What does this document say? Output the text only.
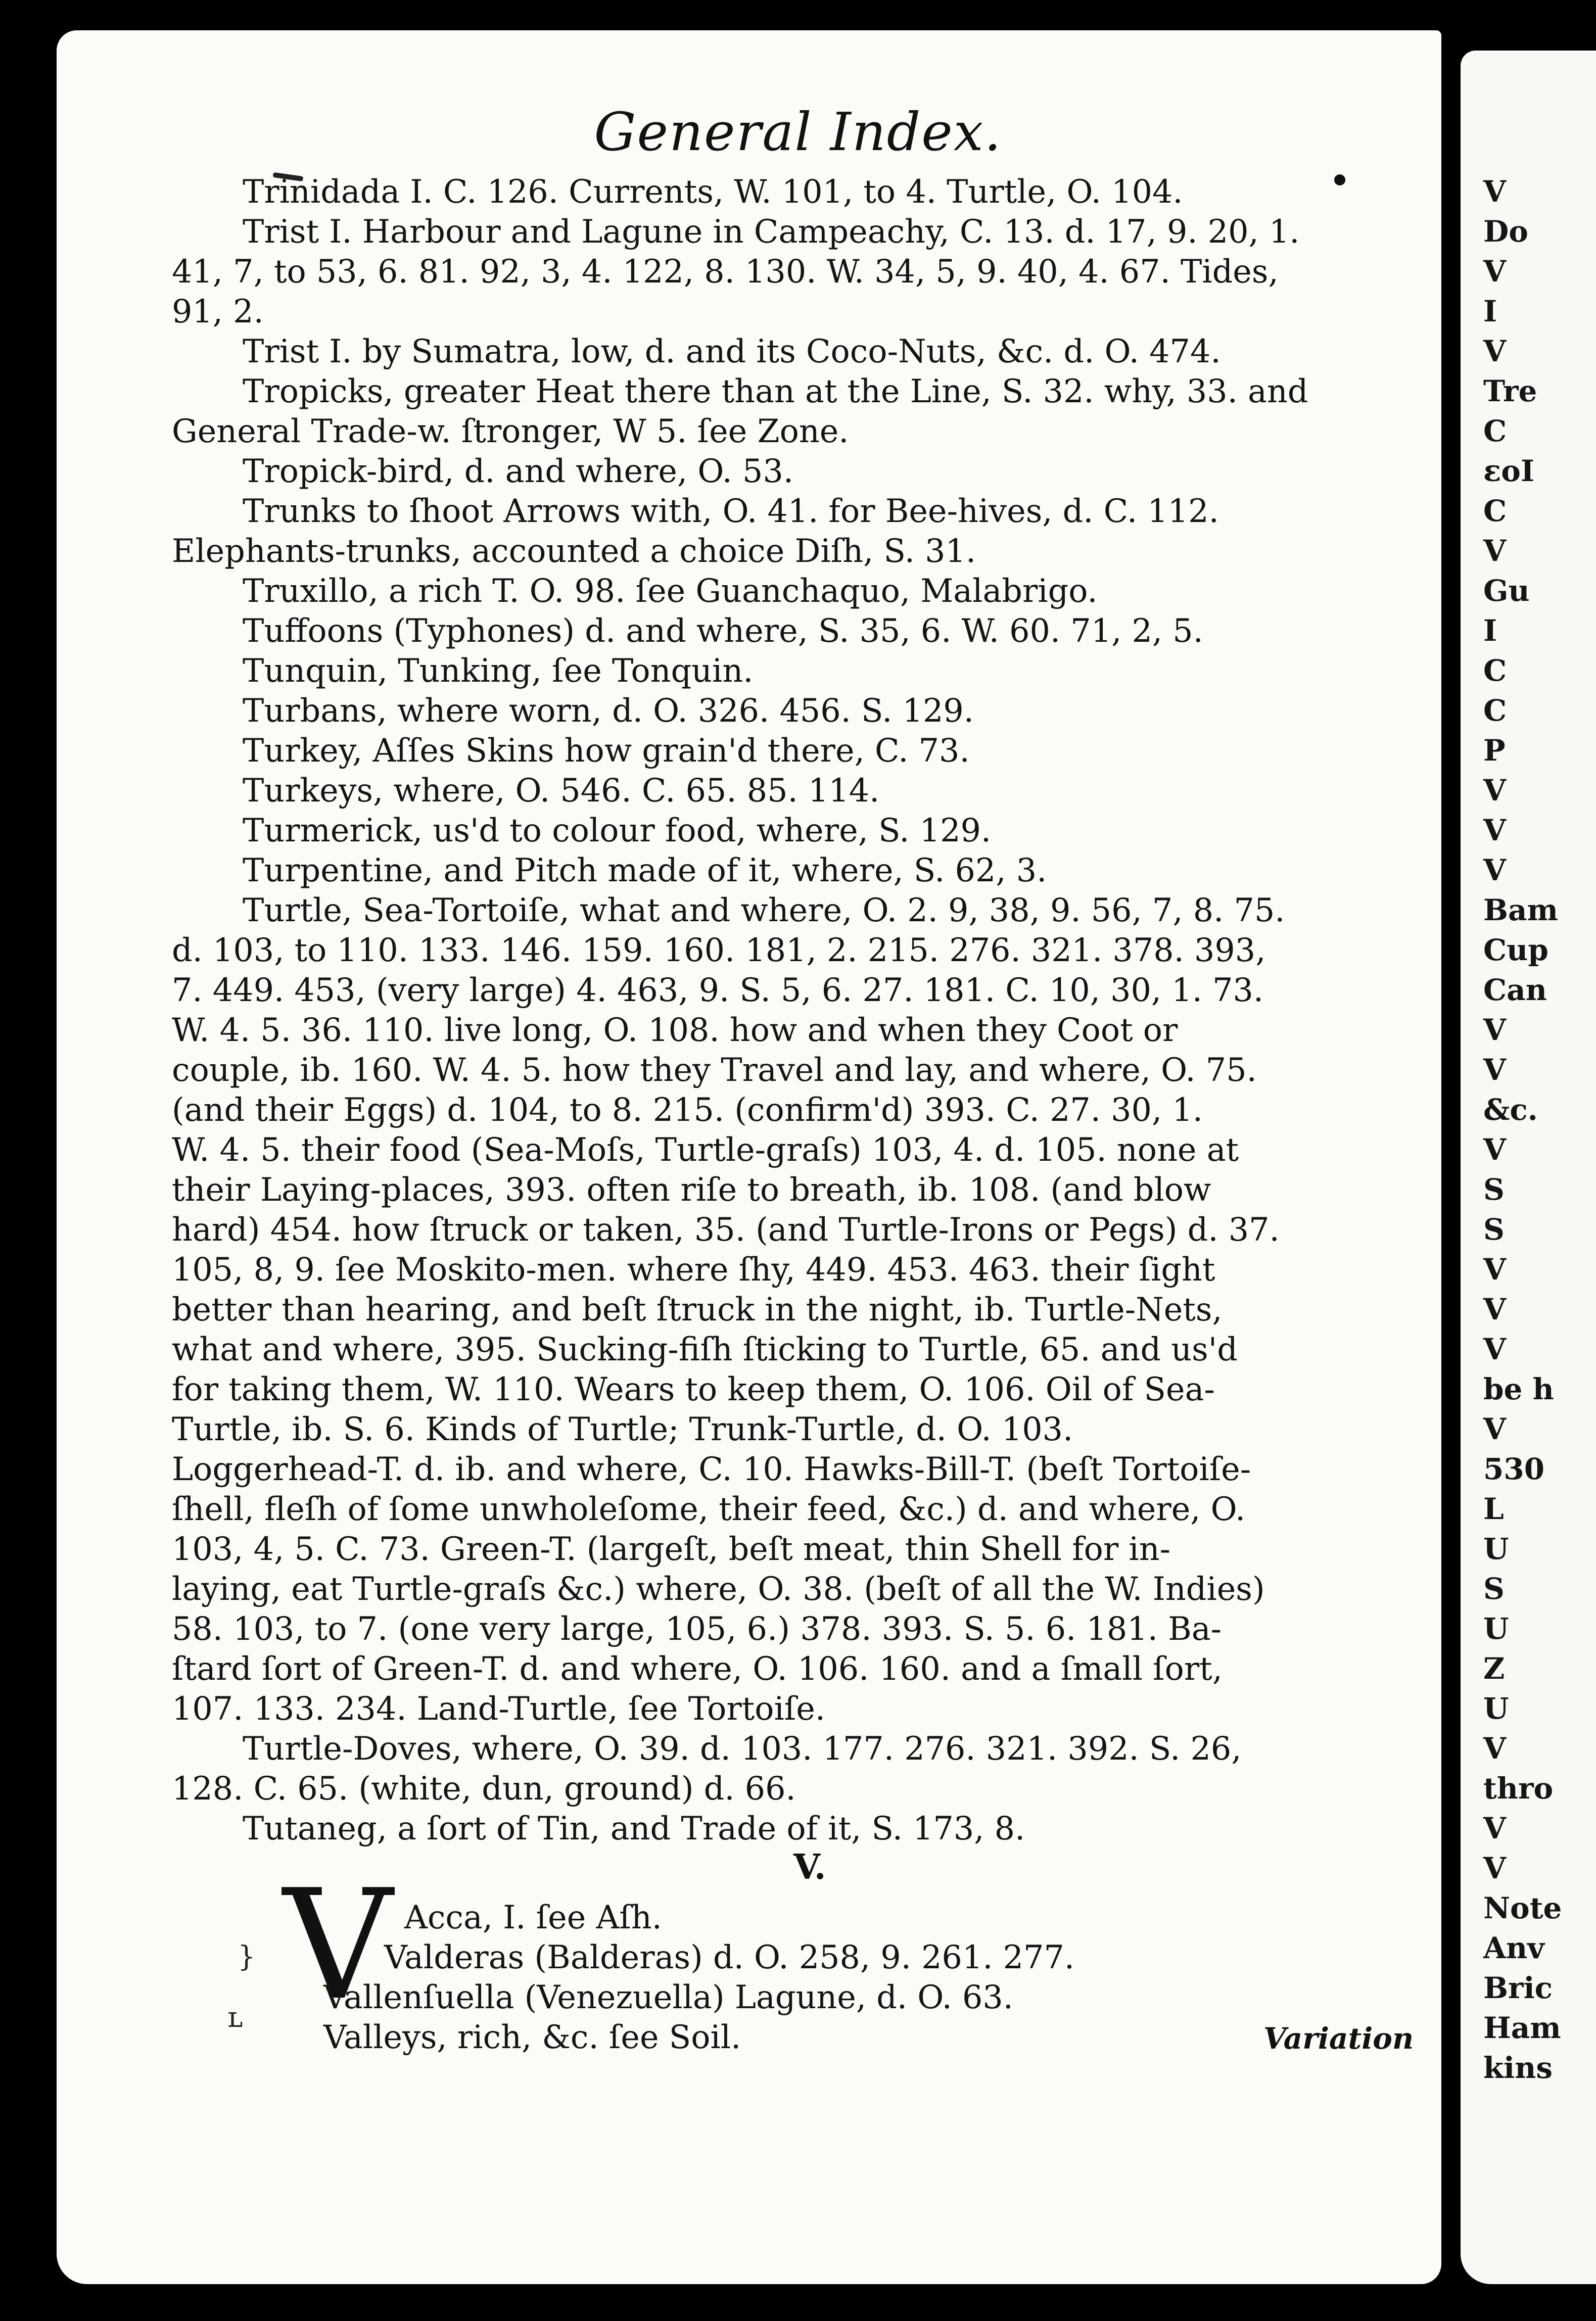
General Index.
Trinidada I. C. 126. Currents, W. 101, to 4. Turtle, O. 104.
Trist I. Harbour and Lagune in Campeachy, C. 13. d. 17, 9. 20, 1.
41, 7, to 53, 6. 81. 92, 3, 4. 122, 8. 130. W. 34, 5, 9. 40, 4. 67. Tides,
91, 2.
Trist I. by Sumatra, low, d. and its Coco-Nuts, &c. d. O. 474.
Tropicks, greater Heat there than at the Line, S. 32. why, 33. and
General Trade-w. ſtronger, W 5. ſee Zone.
Tropick-bird, d. and where, O. 53.
Trunks to ſhoot Arrows with, O. 41. for Bee-hives, d. C. 112.
Elephants-trunks, accounted a choice Diſh, S. 31.
Truxillo, a rich T. O. 98. ſee Guanchaquo, Malabrigo.
Tuffoons (Typhones) d. and where, S. 35, 6. W. 60. 71, 2, 5.
Tunquin, Tunking, ſee Tonquin.
Turbans, where worn, d. O. 326. 456. S. 129.
Turkey, Aſſes Skins how grain'd there, C. 73.
Turkeys, where, O. 546. C. 65. 85. 114.
Turmerick, us'd to colour food, where, S. 129.
Turpentine, and Pitch made of it, where, S. 62, 3.
Turtle, Sea-Tortoiſe, what and where, O. 2. 9, 38, 9. 56, 7, 8. 75.
d. 103, to 110. 133. 146. 159. 160. 181, 2. 215. 276. 321. 378. 393,
7. 449. 453, (very large) 4. 463, 9. S. 5, 6. 27. 181. C. 10, 30, 1. 73.
W. 4. 5. 36. 110. live long, O. 108. how and when they Coot or
couple, ib. 160. W. 4. 5. how they Travel and lay, and where, O. 75.
(and their Eggs) d. 104, to 8. 215. (confirm'd) 393. C. 27. 30, 1.
W. 4. 5. their food (Sea-Moſs, Turtle-graſs) 103, 4. d. 105. none at
their Laying-places, 393. often riſe to breath, ib. 108. (and blow
hard) 454. how ſtruck or taken, 35. (and Turtle-Irons or Pegs) d. 37.
105, 8, 9. ſee Moskito-men. where ſhy, 449. 453. 463. their ſight
better than hearing, and beſt ſtruck in the night, ib. Turtle-Nets,
what and where, 395. Sucking-fiſh ſticking to Turtle, 65. and us'd
for taking them, W. 110. Wears to keep them, O. 106. Oil of Sea-
Turtle, ib. S. 6. Kinds of Turtle; Trunk-Turtle, d. O. 103.
Loggerhead-T. d. ib. and where, C. 10. Hawks-Bill-T. (beſt Tortoiſe-
ſhell, fleſh of ſome unwholeſome, their feed, &c.) d. and where, O.
103, 4, 5. C. 73. Green-T. (largeſt, beſt meat, thin Shell for in-
laying, eat Turtle-graſs &c.) where, O. 38. (beſt of all the W. Indies)
58. 103, to 7. (one very large, 105, 6.) 378. 393. S. 5. 6. 181. Ba-
ſtard ſort of Green-T. d. and where, O. 106. 160. and a ſmall ſort,
107. 133. 234. Land-Turtle, ſee Tortoiſe.
Turtle-Doves, where, O. 39. d. 103. 177. 276. 321. 392. S. 26,
128. C. 65. (white, dun, ground) d. 66.
Tutaneg, a ſort of Tin, and Trade of it, S. 173, 8.
V.
V Acca, I. ſee Aſh.
Valderas (Balderas) d. O. 258, 9. 261. 277.
Vallenſuella (Venezuella) Lagune, d. O. 63.
Valleys, rich, &c. ſee Soil.	Variation
V
Do
V
I
V
Tre
C
ɛoI
C
V
Gu
I
C
C
P
V
V
V
Bam
Cup
Can
V
V
&c.
V
S
S
V
V
V
be h
V
530
L
U
S
U
Z
U
V
thro
V
V
Note
Anv
Bric
Ham
kins
}
ʟ
